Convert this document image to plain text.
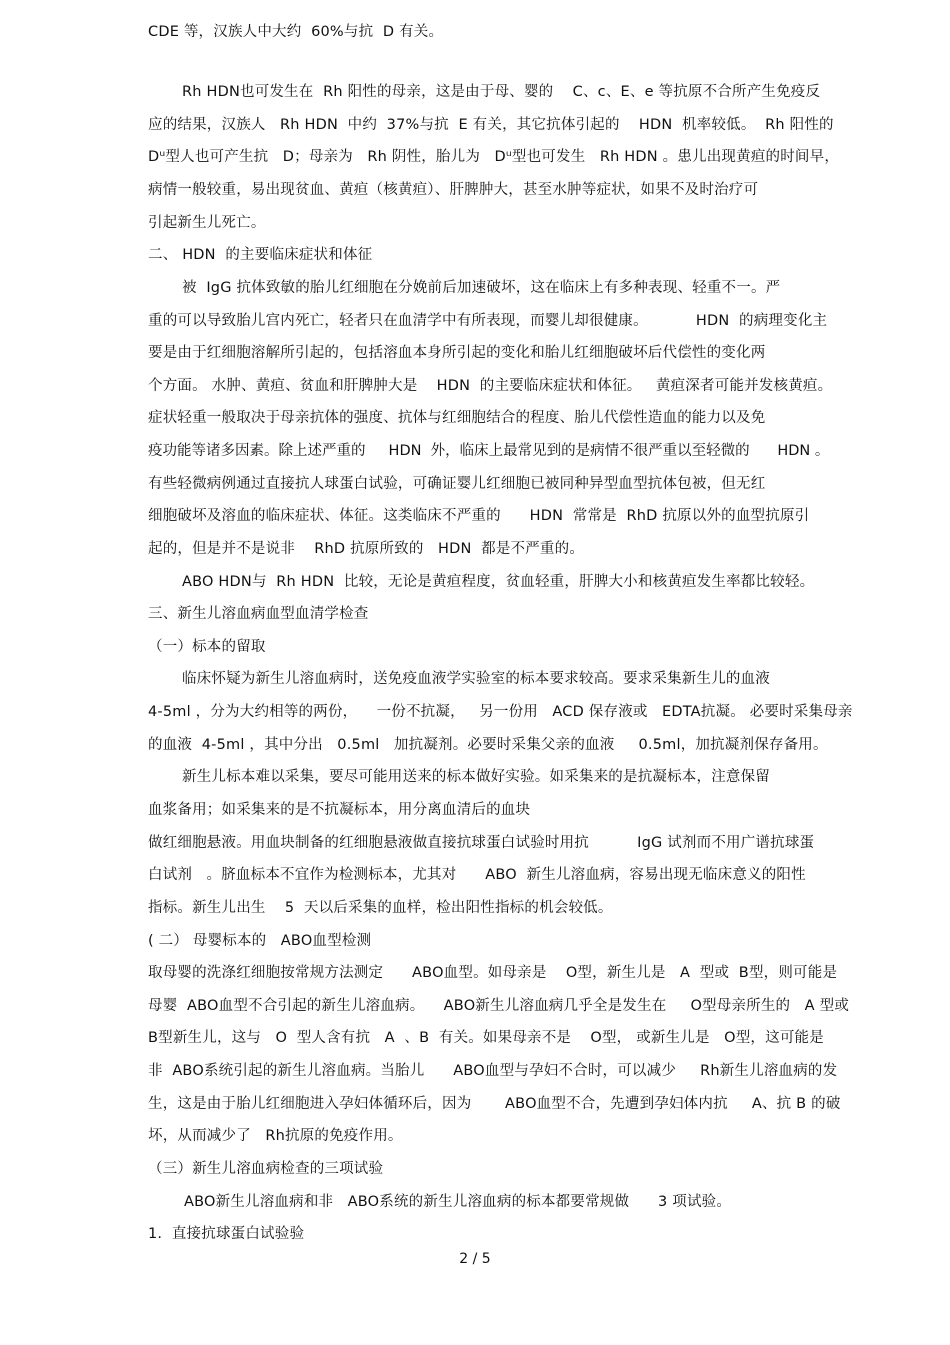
CDE 等，汉族人中大约  60%与抗  D 有关。
Rh HDN也可发生在  Rh 阳性的母亲，这是由于母、婴的    C、c、E、e 等抗原不合所产生免疫反
应的结果，汉族人   Rh HDN  中约  37%与抗  E 有关，其它抗体引起的    HDN  机率较低。  Rh 阳性的
Dᵘ型人也可产生抗   D；母亲为   Rh 阴性，胎儿为   Dᵘ型也可发生   Rh HDN 。患儿出现黄疸的时间早，
病情一般较重，易出现贫血、黄疸（核黄疸）、肝脾肿大，甚至水肿等症状，如果不及时治疗可
引起新生儿死亡。
二、 HDN  的主要临床症状和体征
被  IgG 抗体致敏的胎儿红细胞在分娩前后加速破坏，这在临床上有多种表现、轻重不一。严
重的可以导致胎儿宫内死亡，轻者只在血清学中有所表现，而婴儿却很健康。          HDN  的病理变化主
要是由于红细胞溶解所引起的，包括溶血本身所引起的变化和胎儿红细胞破坏后代偿性的变化两
个方面。 水肿、黄疸、贫血和肝脾肿大是    HDN  的主要临床症状和体征。   黄疸深者可能并发核黄疸。
症状轻重一般取决于母亲抗体的强度、抗体与红细胞结合的程度、胎儿代偿性造血的能力以及免
疫功能等诸多因素。除上述严重的     HDN  外，临床上最常见到的是病情不很严重以至轻微的      HDN 。
有些轻微病例通过直接抗人球蛋白试验，可确证婴儿红细胞已被同种异型血型抗体包被，但无红
细胞破坏及溶血的临床症状、体征。这类临床不严重的      HDN  常常是  RhD 抗原以外的血型抗原引
起的，但是并不是说非    RhD 抗原所致的   HDN  都是不严重的。
ABO HDN与  Rh HDN  比较，无论是黄疸程度，贫血轻重，肝脾大小和核黄疸发生率都比较轻。
三、新生儿溶血病血型血清学检查
（一）标本的留取
临床怀疑为新生儿溶血病时，送免疫血液学实验室的标本要求较高。要求采集新生儿的血液
4-5ml ，分为大约相等的两份，    一份不抗凝，   另一份用   ACD 保存液或   EDTA抗凝。 必要时采集母亲
的血液  4-5ml ，其中分出   0.5ml   加抗凝剂。必要时采集父亲的血液     0.5ml，加抗凝剂保存备用。
新生儿标本难以采集，要尽可能用送来的标本做好实验。如采集来的是抗凝标本，注意保留
血浆备用；如采集来的是不抗凝标本，用分离血清后的血块
做红细胞悬液。用血块制备的红细胞悬液做直接抗球蛋白试验时用抗          IgG 试剂而不用广谱抗球蛋
白试剂   。脐血标本不宜作为检测标本，尤其对      ABO  新生儿溶血病，容易出现无临床意义的阳性
指标。新生儿出生    5  天以后采集的血样，检出阳性指标的机会较低。
( 二） 母婴标本的   ABO血型检测
取母婴的洗涤红细胞按常规方法测定      ABO血型。如母亲是    O型，新生儿是   A  型或  B型，则可能是
母婴  ABO血型不合引起的新生儿溶血病。    ABO新生儿溶血病几乎全是发生在     O型母亲所生的   A 型或
B型新生儿，这与   O  型人含有抗   A  、B  有关。如果母亲不是    O型， 或新生儿是   O型，这可能是
非  ABO系统引起的新生儿溶血病。当胎儿      ABO血型与孕妇不合时，可以减少     Rh新生儿溶血病的发
生，这是由于胎儿红细胞进入孕妇体循环后，因为       ABO血型不合，先遭到孕妇体内抗     A、抗 B 的破
坏，从而减少了   Rh抗原的免疫作用。
（三）新生儿溶血病检查的三项试验
ABO新生儿溶血病和非   ABO系统的新生儿溶血病的标本都要常规做      3 项试验。
1.  直接抗球蛋白试验验
2 / 5
